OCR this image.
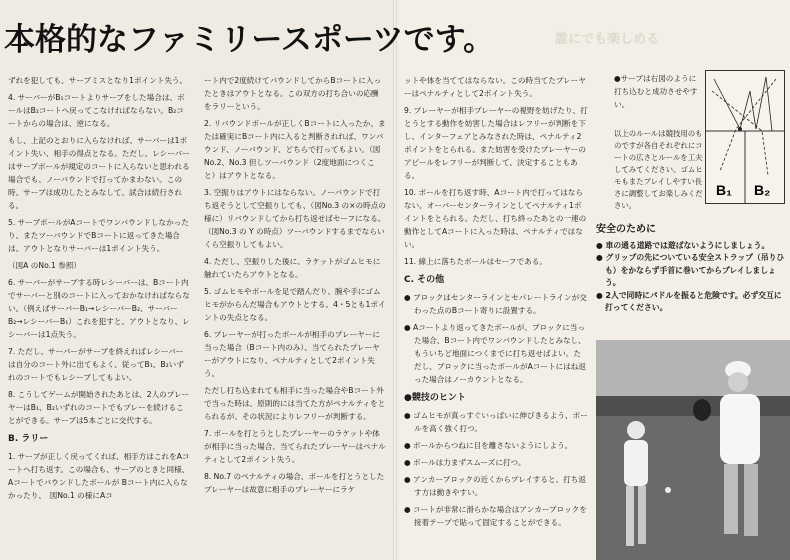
誰にでも楽しめる
本格的なファミリースポーツです。

ずれを犯しても、サーブミスとなり1ポイント失う。

4. サーバーがB₁コートよりサーブをした場合は、ボールはB₂コートへ戻ってこなければならない。B₂コートからの場合は、逆になる。

もし、上記のとおりに入らなければ、サーバーは1ポイント失い、相手の得点となる。ただし、レシーバーはサーブボールが規定のコートに入らないと思われる場合でも、ノーバウンドで打ってかまわない。この時、サーブは成功したとみなして、試合は続行される。

5. サーブボールがAコートでワンバウンドしなかったり、またツーバウンドでBコートに返ってきた場合は、アウトとなりサーバーは1ポイント失う。

（図A のNo.1 参照）

6. サーバーがサーブする時レシーバーは、Bコート内でサーバーと別のコートに入っておかなければならない。（例えばサーバーB₁→レシーバーB₂、サーバーB₂→レシーバーB₁）これを犯すと、アウトとなり、レシーバーは1点失う。

7. ただし、サーバーがサーブを終えればレシーバーは自分のコート外に出てもよく、従ってB₁、B₂いずれのコートでもレシーブしてもよい。

8. こうしてゲームが開始されたあとは、2人のプレーヤーはB₁、B₂いずれのコートでもプレーを続けることができる。サーブは5本ごとに交代する。

B. ラリー

1. サーブが正しく戻ってくれば、相手方はこれをAコートへ打ち返す。この場合も、サーブのときと同様、Aコートでバウンドしたボールが Bコート内に入らなかったり、　図No.1 の様にAコ

ート内で2度続けてバウンドしてからBコートに入ったときはアウトとなる。この双方の打ち合いの応酬をラリーという。

2. リバウンドボールが正しくBコートに入ったか、または確実にBコート内に入ると判断されれば、ワンバウンド、ノーバウンド、どちらで打ってもよい。（図No.2、No.3 但しツーバウンド（2度地面につくこと）はアウトとなる。

3. 空振りはアウトにはならない。ノーバウンドで打ち返そうとして空振りしても、（図No.3 の×の時点の様に）リバウンドしてから打ち返せばセーフになる。（図No.3 の Y の時点）ツーバウンドするまでならいくら空振りしてもよい。

4. ただし、空振りした後に、ラケットがゴムヒモに触れていたらアウトとなる。

5. ゴムヒモやポールを足で踏んだり、腕や手にゴムヒモがからんだ場合もアウトとする。4・5とも1ポイントの失点となる。

6. プレーヤーが打ったボールが相手のプレーヤーに当った場合（Bコート内のみ）、当てられたプレーヤーがアウトになり、ペナルティとして2ポイント失う。

ただし打ち込まれても相手に当った場合やBコート外で当った時は、原則的には当てた方がペナルティをとられるが、その状況によりレフリーが判断する。

7. ボールを打とうとしたプレーヤーのラケットや体が相手に当った場合、当てられたプレーヤーはペナルティとして2ポイント失う。

8. No.7 のペナルティの場合、ボールを打とうとしたプレーヤーは故意に相手のプレーヤーにラケ

ットや体を当ててはならない。この時当てたプレーヤーはペナルティとして2ポイント失う。

9. プレーヤーが相手プレーヤーの視野を妨げたり、打とうとする動作を妨害した場合はレフリーが判断を下し、インターフェアとみなされた時は、ペナルティ2ポイントをとられる。また妨害を受けたプレーヤーのアピールをレフリーが判断して、決定することもある。

10. ボールを打ち返す時、Aコート内で打ってはならない。オーバーセンターラインとしてペナルティ1ポイントをとられる。ただし、打ち終ったあとの一連の動作としてAコートに入った時は、ペナルティではない。

11. 線上に落ちたボールはセーフである。

C. その他

● ブロックはセンターラインとセパレートラインが交わった点のBコート寄りに設置する。

● Aコートより返ってきたボールが、ブロックに当った場合、Bコート内でワンバウンドしたとみなし、もういちど地面につくまでに打ち返せばよい。ただし、ブロックに当ったボールがAコートにはね返った場合はノーカウントとなる。

●競技のヒント

● ゴムヒモが真っすぐいっぱいに伸びきるよう、ポールを高く強く打つ。

● ボールからつねに目を離さないようにしよう。

● ボールは力まずスムーズに打つ。

● アンカーブロックの近くからプレイすると、打ち返す方は動きやすい。

● コートが非常に滑らかな場合はアンカーブロックを接着テープで貼って固定することができる。

●サーブは右図のように打ち込むと成功させやすい。

以上のルールは競技用のものですが各自それぞれにコートの広さとルールを工夫してみてください。ゴムヒモもまたプレイしやすい長さに調整してお楽しみください。

B₁ B₂
安全のために
● 車の通る道路では遊ばないようにしましょう。
● グリップの先についている安全ストラップ（吊りひも）をかならず手首に巻いてからプレイしましょう。
● 2人で同時にパドルを振ると危険です。必ず交互に打ってください。
